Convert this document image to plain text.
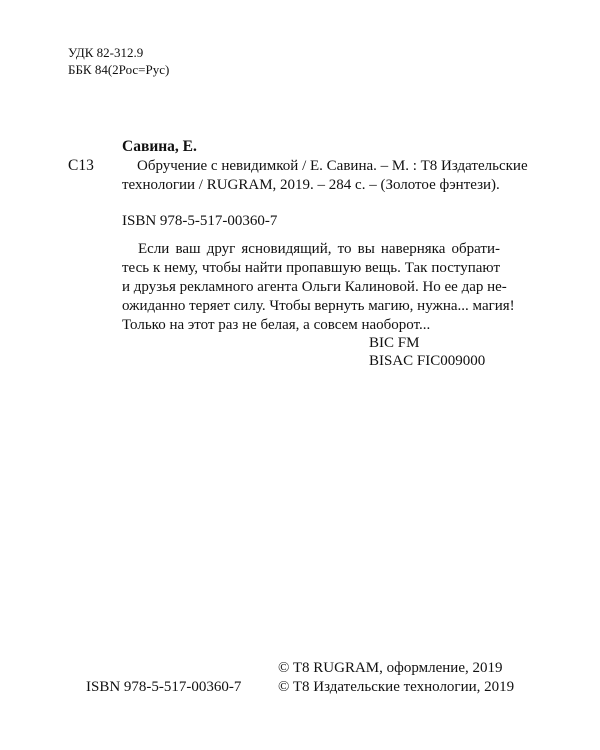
УДК 82-312.9

ББК 84(2Рос=Рус)

Савина, Е.

С13	Обручение с невидимкой / Е. Савина. – М. : T8 Издательские

технологии / RUGRAM, 2019. – 284 с. – (Золотое фэнтези).

ISBN 978-5-517-00360-7

Если ваш друг ясновидящий, то вы наверняка обрати-
тесь к нему, чтобы найти пропавшую вещь. Так поступают
и друзья рекламного агента Ольги Калиновой. Но ее дар не-
ожиданно теряет силу. Чтобы вернуть магию, нужна... магия!
Только на этот раз не белая, а совсем наоборот...

BIC FM

BISAC FIC009000

© T8 RUGRAM, оформление, 2019

ISBN 978-5-517-00360-7 © T8 Издательские технологии, 2019
